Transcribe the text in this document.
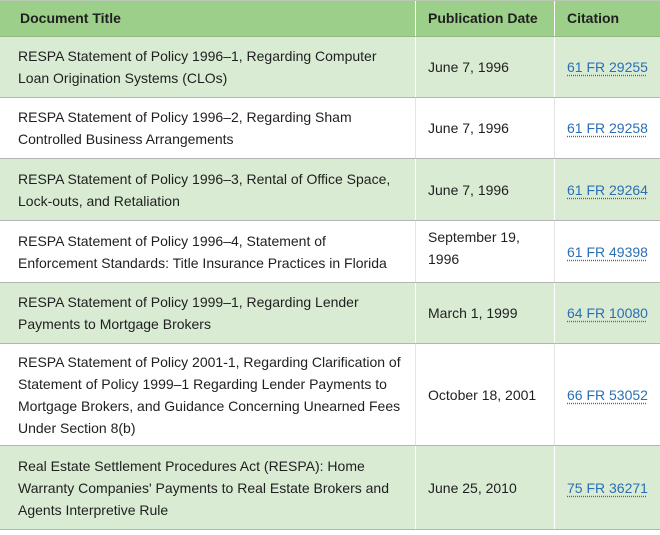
Document Title	Publication Date	Citation
RESPA Statement of Policy 1996–1, Regarding Computer
Loan Origination Systems (CLOs)
June 7, 1996	61 FR 29255
RESPA Statement of Policy 1996–2, Regarding Sham
Controlled Business Arrangements
June 7, 1996	61 FR 29258
RESPA Statement of Policy 1996–3, Rental of Office Space,
Lock-outs, and Retaliation
June 7, 1996	61 FR 29264
RESPA Statement of Policy 1996–4, Statement of
Enforcement Standards: Title Insurance Practices in Florida
September 19,
1996	61 FR 49398
RESPA Statement of Policy 1999–1, Regarding Lender
Payments to Mortgage Brokers
March 1, 1999	64 FR 10080
RESPA Statement of Policy 2001-1, Regarding Clarification of
Statement of Policy 1999–1 Regarding Lender Payments to
Mortgage Brokers, and Guidance Concerning Unearned Fees
Under Section 8(b)
October 18, 2001 66 FR 53052
Real Estate Settlement Procedures Act (RESPA): Home
Warranty Companies' Payments to Real Estate Brokers and
Agents Interpretive Rule
June 25, 2010	75 FR 36271
